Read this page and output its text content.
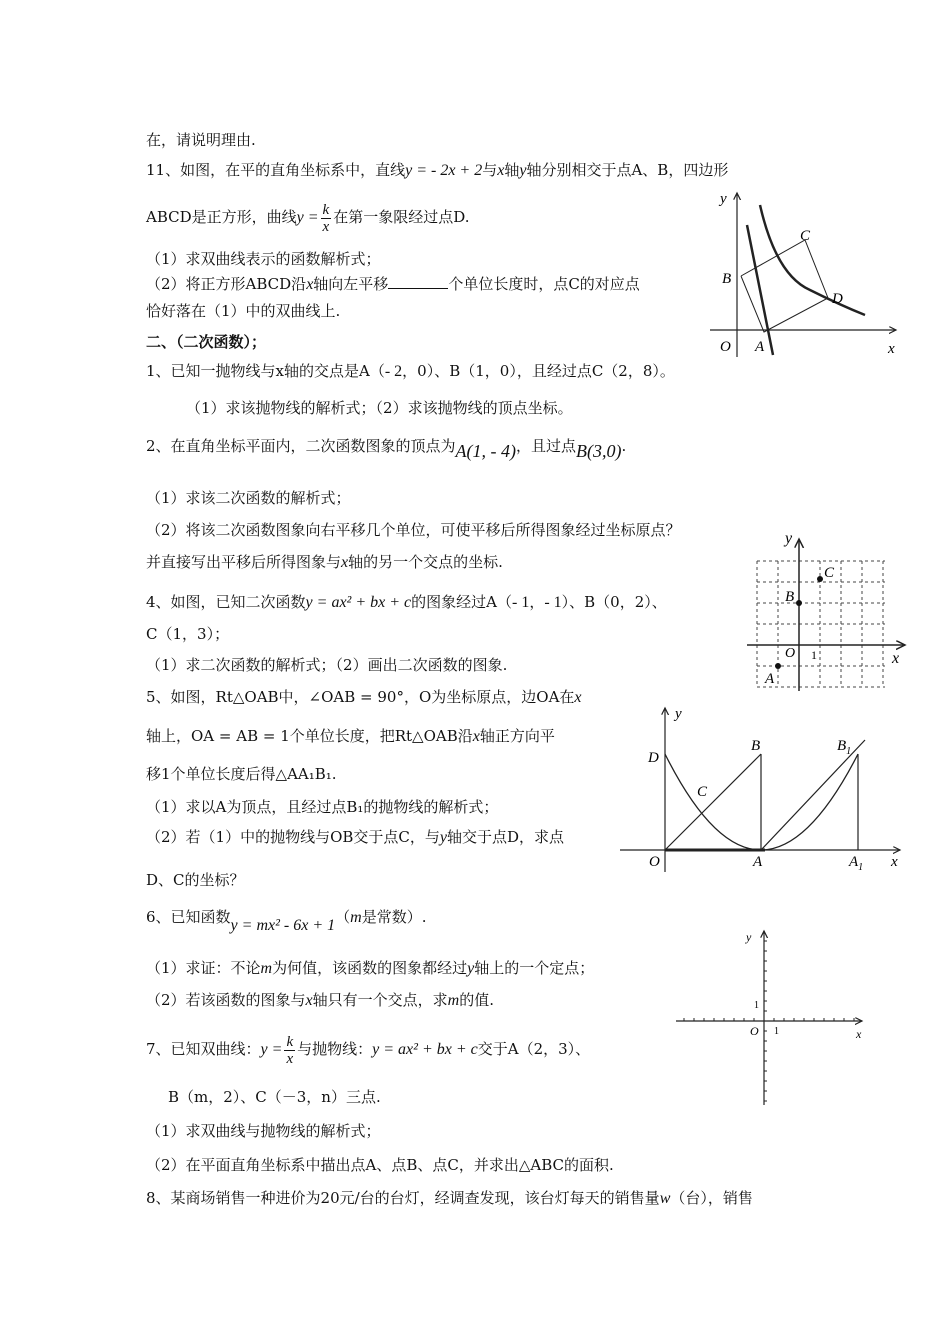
在，请说明理由.
11、如图，在平的直角坐标系中，直线y = - 2x + 2与x轴y轴分别相交于点A、B，四边形
ABCD是正方形，曲线$y = \frac{k}{x}$ 在第一象限经过点D.
（1）求双曲线表示的函数解析式；
（2）将正方形ABCD沿x轴向左平移	个单位长度时，点C的对应点
恰好落在（1）中的双曲线上.
二、（二次函数）；
1、已知一抛物线与x轴的交点是A（- 2，0）、B（1，0），且经过点C（2，8）。
（1）求该抛物线的解析式；（2）求该抛物线的顶点坐标。
2、在直角坐标平面内，二次函数图象的顶点为A(1, - 4)，且过点B(3,0).
（1）求该二次函数的解析式；
（2）将该二次函数图象向右平移几个单位，可使平移后所得图象经过坐标原点？
并直接写出平移后所得图象与x轴的另一个交点的坐标.
4、如图，已知二次函数y = ax² + bx + c的图象经过A（- 1，- 1）、B（0，2）、
C（1，3）；
（1）求二次函数的解析式；（2）画出二次函数的图象.
5、如图，Rt△OAB中，∠OAB = 90°，O为坐标原点，边OA在x
轴上，OA = AB = 1个单位长度，把Rt△OAB沿x轴正方向平
移1个单位长度后得△AA₁B₁.
（1）求以A为顶点，且经过点B₁的抛物线的解析式；
（2）若（1）中的抛物线与OB交于点C，与y轴交于点D，求点
D、C的坐标？
6、已知函数y = mx² - 6x + 1（m是常数）.
（1）求证：不论m为何值，该函数的图象都经过y轴上的一个定点；
（2）若该函数的图象与x轴只有一个交点，求m的值.
7、已知双曲线：$y = \frac{k}{x}$ 与抛物线：y = ax² + bx + c交于A（2，3）、
B（m，2）、C（－3，n）三点.
（1）求双曲线与抛物线的解析式；
（2）在平面直角坐标系中描出点A、点B、点C，并求出△ABC的面积.
8、某商场销售一种进价为20元/台的台灯，经调查发现，该台灯每天的销售量w（台），销售
y
x
O A
B
C
D
y
x
O 1
A
B
C
y
x
O	A	$A_1$
B	$B_1$
C
D
y
x
O 1
1
